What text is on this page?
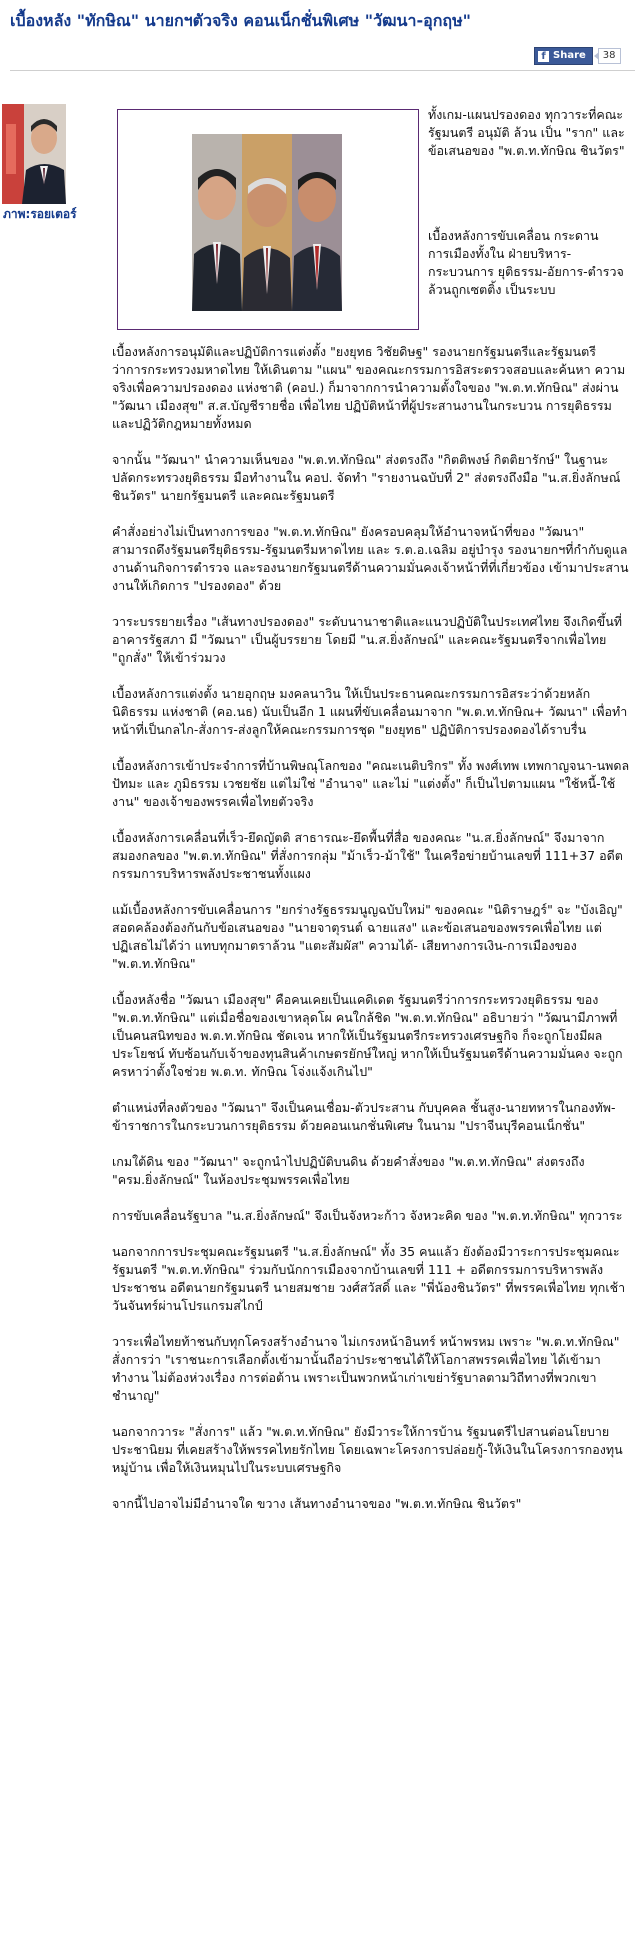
เบื้องหลัง "ทักษิณ" นายกฯตัวจริง คอนเน็กชั่นพิเศษ "วัฒนา-อุกฤษ"
f Share	38
ภาพ:รอยเตอร์
ทั้งเกม-แผนปรองดอง ทุกวาระที่คณะรัฐมนตรี อนุมัติ ล้วน เป็น "ราก" และข้อเสนอของ "พ.ต.ท.ทักษิณ ชินวัตร"
เบื้องหลังการขับเคลื่อน กระดานการเมืองทั้งใน ฝ่ายบริหาร-กระบวนการ ยุติธรรม-อัยการ-ตำรวจ ล้วนถูกเซตติ้ง เป็นระบบ

เบื้องหลังการอนุมัติและปฏิบัติการแต่งตั้ง "ยงยุทธ วิชัยดิษฐ" รองนายกรัฐมนตรีและรัฐมนตรีว่าการกระทรวงมหาดไทย ให้เดินตาม "แผน" ของคณะกรรมการอิสระตรวจสอบและค้นหา ความจริงเพื่อความปรองดอง แห่งชาติ (คอป.) ก็มาจากการนำความตั้งใจของ "พ.ต.ท.ทักษิณ" ส่งผ่าน "วัฒนา เมืองสุข" ส.ส.บัญชีรายชื่อ เพื่อไทย ปฏิบัติหน้าที่ผู้ประสานงานในกระบวน การยุติธรรม และปฏิวัติกฎหมายทั้งหมด

จากนั้น "วัฒนา" นำความเห็นของ "พ.ต.ท.ทักษิณ" ส่งตรงถึง "กิตติพงษ์ กิตติยารักษ์" ในฐานะปลัดกระทรวงยุติธรรม มือทำงานใน คอป. จัดทำ "รายงานฉบับที่ 2" ส่งตรงถึงมือ "น.ส.ยิ่งลักษณ์ ชินวัตร" นายกรัฐมนตรี และคณะรัฐมนตรี

คำสั่งอย่างไม่เป็นทางการของ "พ.ต.ท.ทักษิณ" ยังครอบคลุมให้อำนาจหน้าที่ของ "วัฒนา" สามารถดึงรัฐมนตรียุติธรรม-รัฐมนตรีมหาดไทย และ ร.ต.อ.เฉลิม อยู่บำรุง รองนายกฯที่กำกับดูแลงานด้านกิจการตำรวจ และรองนายกรัฐมนตรีด้านความมั่นคงเจ้าหน้าที่ที่เกี่ยวข้อง เข้ามาประสานงานให้เกิดการ "ปรองดอง" ด้วย

วาระบรรยายเรื่อง "เส้นทางปรองดอง" ระดับนานาชาติและแนวปฏิบัติในประเทศไทย จึงเกิดขึ้นที่อาคารรัฐสภา มี "วัฒนา" เป็นผู้บรรยาย โดยมี "น.ส.ยิ่งลักษณ์" และคณะรัฐมนตรีจากเพื่อไทย "ถูกสั่ง" ให้เข้าร่วมวง

เบื้องหลังการแต่งตั้ง นายอุกฤษ มงคลนาวิน ให้เป็นประธานคณะกรรมการอิสระว่าด้วยหลักนิติธรรม แห่งชาติ (คอ.นธ) นับเป็นอีก 1 แผนที่ขับเคลื่อนมาจาก "พ.ต.ท.ทักษิณ+ วัฒนา" เพื่อทำหน้าที่เป็นกลไก-สั่งการ-ส่งลูกให้คณะกรรมการชุด "ยงยุทธ" ปฏิบัติการปรองดองได้ราบรื่น

เบื้องหลังการเข้าประจำการที่บ้านพิษณุโลกของ "คณะเนติบริกร" ทั้ง พงศ์เทพ เทพกาญจนา-นพดล ปัทมะ และ ภูมิธรรม เวชยชัย แต่ไม่ใช่ "อำนาจ" และไม่ "แต่งตั้ง" ก็เป็นไปตามแผน "ใช้หนี้-ใช้งาน" ของเจ้าของพรรคเพื่อไทยตัวจริง

เบื้องหลังการเคลื่อนที่เร็ว-ยึดญัตติ สาธารณะ-ยึดพื้นที่สื่อ ของคณะ "น.ส.ยิ่งลักษณ์" จึงมาจากสมองกลของ "พ.ต.ท.ทักษิณ" ที่สั่งการกลุ่ม "ม้าเร็ว-ม้าใช้" ในเครือข่ายบ้านเลขที่ 111+37 อดีตกรรมการบริหารพลังประชาชนทั้งแผง

แม้เบื้องหลังการขับเคลื่อนการ "ยกร่างรัฐธรรมนูญฉบับใหม่" ของคณะ "นิติราษฎร์" จะ "บังเอิญ" สอดคล้องต้องกันกับข้อเสนอของ "นายจาตุรนต์ ฉายแสง" และข้อเสนอของพรรคเพื่อไทย แต่ปฏิเสธไม่ได้ว่า แทบทุกมาตราล้วน "แตะสัมผัส" ความได้- เสียทางการเงิน-การเมืองของ "พ.ต.ท.ทักษิณ"

เบื้องหลังชื่อ "วัฒนา เมืองสุข" คือคนเคยเป็นแคดิเดต รัฐมนตรีว่าการกระทรวงยุติธรรม ของ "พ.ต.ท.ทักษิณ" แต่เมื่อชื่อของเขาหลุดโผ คนใกล้ชิด "พ.ต.ท.ทักษิณ" อธิบายว่า "วัฒนามีภาพที่เป็นคนสนิทของ พ.ต.ท.ทักษิณ ชัดเจน หากให้เป็นรัฐมนตรีกระทรวงเศรษฐกิจ ก็จะถูกโยงมีผลประโยชน์ ทับซ้อนกับเจ้าของทุนสินค้าเกษตรยักษ์ใหญ่ หากให้เป็นรัฐมนตรีด้านความมั่นคง จะถูกครหาว่าตั้งใจช่วย พ.ต.ท. ทักษิณ โจ่งแจ้งเกินไป"

ตำแหน่งที่ลงตัวของ "วัฒนา" จึงเป็นคนเชื่อม-ตัวประสาน กับบุคคล ชั้นสูง-นายทหารในกองทัพ-ข้าราชการในกระบวนการยุติธรรม ด้วยคอนเนกชั่นพิเศษ ในนาม "ปราจีนบุรีคอนเน็กชั่น"

เกมใต้ดิน ของ "วัฒนา" จะถูกนำไปปฏิบัติบนดิน ด้วยคำสั่งของ "พ.ต.ท.ทักษิณ" ส่งตรงถึง "ครม.ยิ่งลักษณ์" ในห้องประชุมพรรคเพื่อไทย

การขับเคลื่อนรัฐบาล "น.ส.ยิ่งลักษณ์" จึงเป็นจังหวะก้าว จังหวะคิด ของ "พ.ต.ท.ทักษิณ" ทุกวาระ

นอกจากการประชุมคณะรัฐมนตรี "น.ส.ยิ่งลักษณ์" ทั้ง 35 คนแล้ว ยังต้องมีวาระการประชุมคณะรัฐมนตรี "พ.ต.ท.ทักษิณ" ร่วมกับนักการเมืองจากบ้านเลขที่ 111 + อดีตกรรมการบริหารพลังประชาชน อดีตนายกรัฐมนตรี นายสมชาย วงศ์สวัสดิ์ และ "พี่น้องชินวัตร" ที่พรรคเพื่อไทย ทุกเช้าวันจันทร์ผ่านโปรแกรมสไกป์

วาระเพื่อไทยท้าชนกับทุกโครงสร้างอำนาจ ไม่เกรงหน้าอินทร์ หน้าพรหม เพราะ "พ.ต.ท.ทักษิณ" สั่งการว่า "เราชนะการเลือกตั้งเข้ามานั้นถือว่าประชาชนได้ให้โอกาสพรรคเพื่อไทย ได้เข้ามาทำงาน ไม่ต้องห่วงเรื่อง การต่อต้าน เพราะเป็นพวกหน้าเก่าเขย่ารัฐบาลตามวิถีทางที่พวกเขาชำนาญ"

นอกจากวาระ "สั่งการ" แล้ว "พ.ต.ท.ทักษิณ" ยังมีวาระให้การบ้าน รัฐมนตรีไปสานต่อนโยบายประชานิยม ที่เคยสร้างให้พรรคไทยรักไทย โดยเฉพาะโครงการปล่อยกู้-ให้เงินในโครงการกองทุนหมู่บ้าน เพื่อให้เงินหมุนไปในระบบเศรษฐกิจ

จากนี้ไปอาจไม่มีอำนาจใด ขวาง เส้นทางอำนาจของ "พ.ต.ท.ทักษิณ ชินวัตร"
